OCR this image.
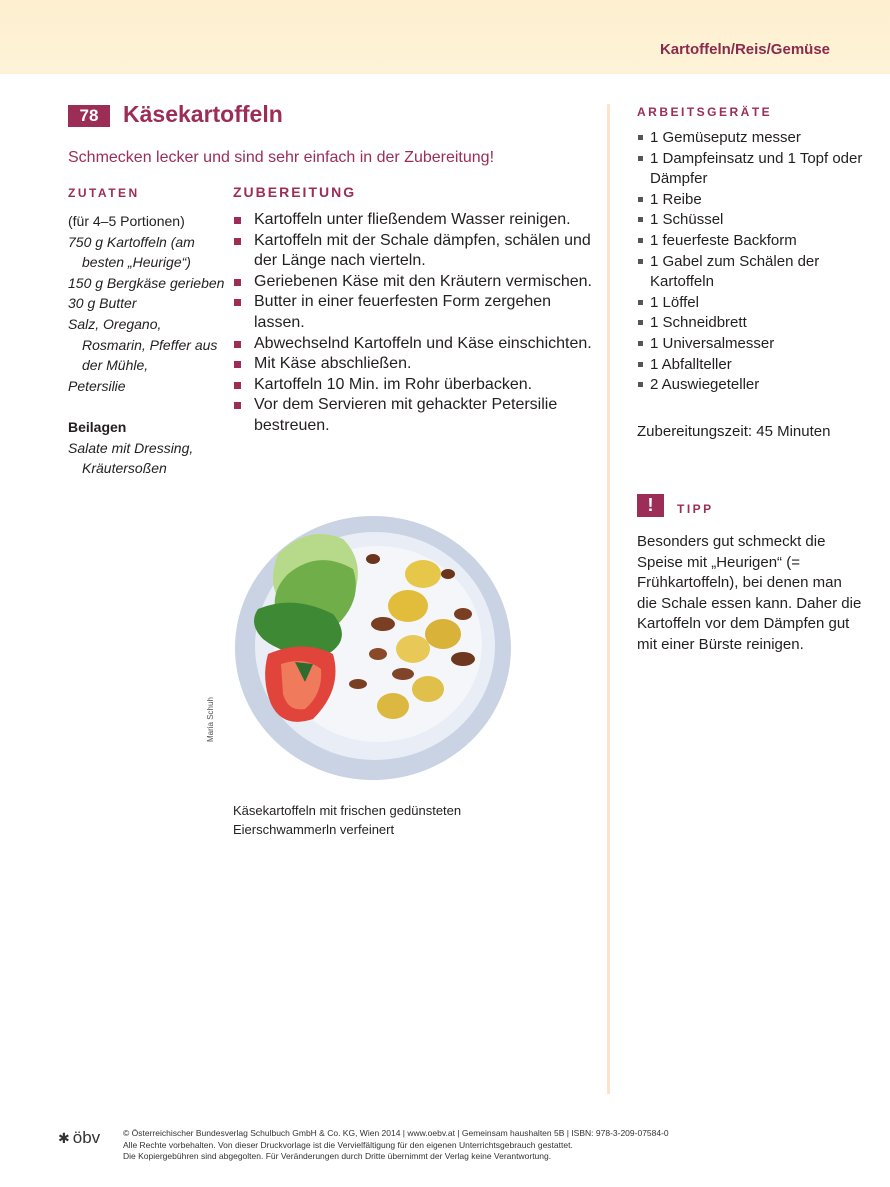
Kartoffeln/Reis/Gemüse
78	Käsekartoffeln
Schmecken lecker und sind sehr einfach in der Zubereitung!
ZUTATEN	ZUBEREITUNG
(für 4–5 Portionen)
750 g Kartoffeln (am besten „Heurige“)
150 g Bergkäse gerieben
30 g Butter
Salz, Oregano, Rosmarin, Pfeffer aus der Mühle,
Petersilie
Beilagen
Salate mit Dressing, Kräutersoßen
Kartoffeln unter fließendem Wasser reinigen.
Kartoffeln mit der Schale dämpfen, schälen und der Länge nach vierteln.
Geriebenen Käse mit den Kräutern vermischen.
Butter in einer feuerfesten Form zergehen lassen.
Abwechselnd Kartoffeln und Käse einschichten.
Mit Käse abschließen.
Kartoffeln 10 Min. im Rohr überbacken.
Vor dem Servieren mit gehackter Petersilie bestreuen.
Maria Schuh
Käsekartoffeln mit frischen gedünsteten Eierschwammerln verfeinert
ARBEITSGERÄTE
1 Gemüseputz messer
1 Dampfeinsatz und 1 Topf oder Dämpfer
1 Reibe
1 Schüssel
1 feuerfeste Backform
1 Gabel zum Schälen der Kartoffeln
1 Löffel
1 Schneidbrett
1 Universalmesser
1 Abfallteller
2 Auswiegeteller
Zubereitungszeit: 45 Minuten
!	TIPP
Besonders gut schmeckt die Speise mit „Heurigen“ (= Frühkartoffeln), bei denen man die Schale essen kann. Daher die Kartoffeln vor dem Dämpfen gut mit einer Bürste reinigen.
✱ öbv	© Österreichischer Bundesverlag Schulbuch GmbH & Co. KG, Wien 2014 | www.oebv.at | Gemeinsam haushalten 5B | ISBN: 978-3-209-07584-0
Alle Rechte vorbehalten. Von dieser Druckvorlage ist die Vervielfältigung für den eigenen Unterrichtsgebrauch gestattet.
Die Kopiergebühren sind abgegolten. Für Veränderungen durch Dritte übernimmt der Verlag keine Verantwortung.
